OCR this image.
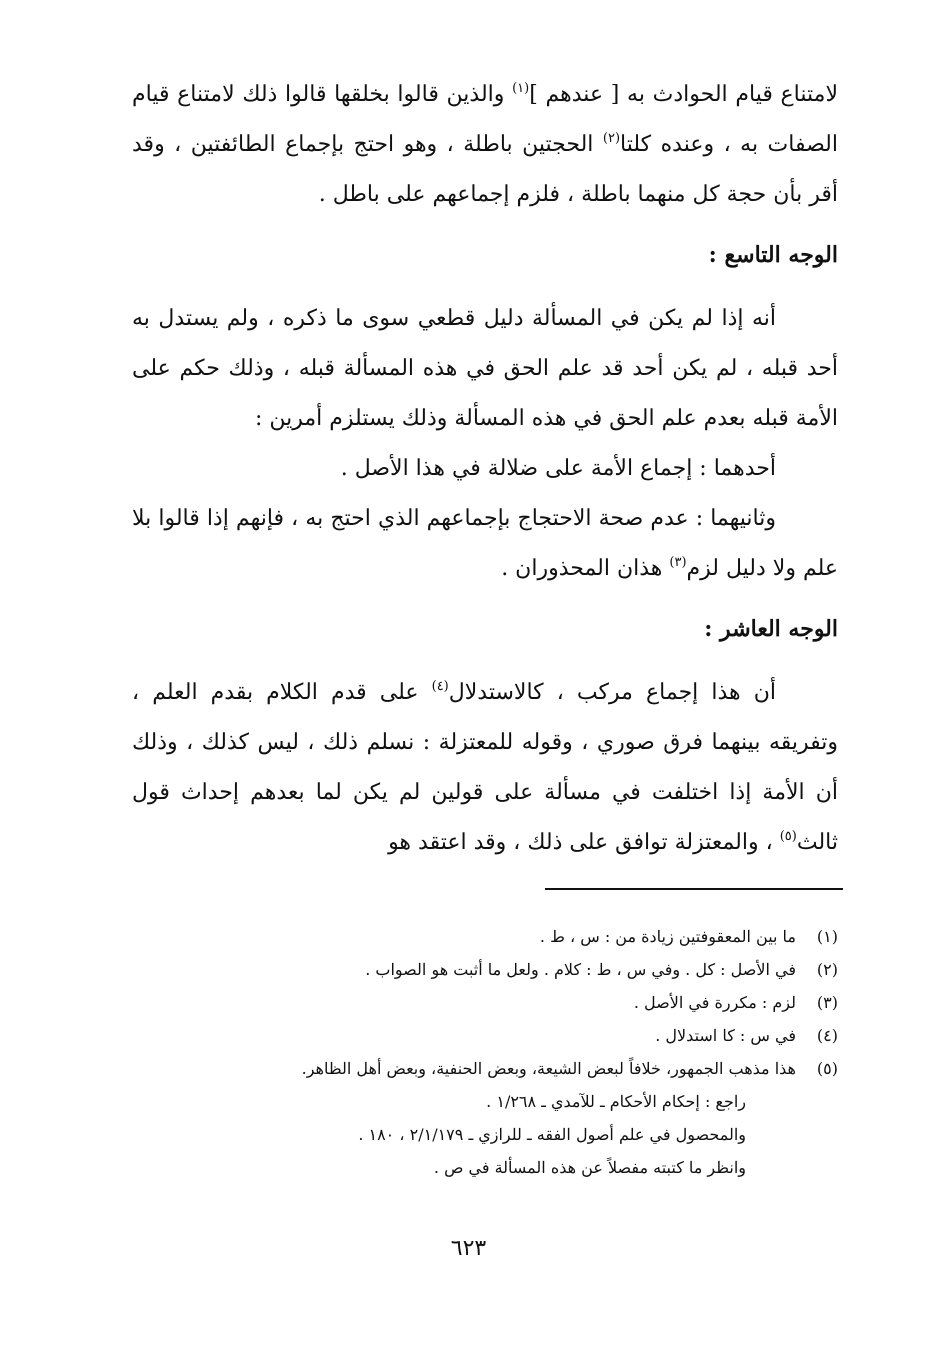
لامتناع قيام الحوادث به [ عندهم ]$^{(١)}$ والذين قالوا بخلقها قالوا ذلك لامتناع قيام الصفات به ، وعنده كلتا$^{(٢)}$ الحجتين باطلة ، وهو احتج بإجماع الطائفتين ، وقد أقر بأن حجة كل منهما باطلة ، فلزم إجماعهم على باطل .

الوجه التاسع :

أنه إذا لم يكن في المسألة دليل قطعي سوى ما ذكره ، ولم يستدل به أحد قبله ، لم يكن أحد قد علم الحق في هذه المسألة قبله ، وذلك حكم على الأمة قبله بعدم علم الحق في هذه المسألة وذلك يستلزم أمرين :

أحدهما : إجماع الأمة على ضلالة في هذا الأصل .

وثانيهما : عدم صحة الاحتجاج بإجماعهم الذي احتج به ، فإنهم إذا قالوا بلا علم ولا دليل لزم$^{(٣)}$ هذان المحذوران .

الوجه العاشر :

أن هذا إجماع مركب ، كالاستدلال$^{(٤)}$ على قدم الكلام بقدم العلم ، وتفريقه بينهما فرق صوري ، وقوله للمعتزلة : نسلم ذلك ، ليس كذلك ، وذلك أن الأمة إذا اختلفت في مسألة على قولين لم يكن لما بعدهم إحداث قول ثالث$^{(٥)}$ ، والمعتزلة توافق على ذلك ، وقد اعتقد هو

(١)
ما بين المعقوفتين زيادة من : س ، ط .
(٢)
في الأصل : كل . وفي س ، ط : كلام . ولعل ما أثبت هو الصواب .
(٣)
لزم : مكررة في الأصل .
(٤)
في س : كا استدلال .
(٥)

هذا مذهب الجمهور، خلافاً لبعض الشيعة، وبعض الحنفية، وبعض أهل الظاهر.

راجع : إحكام الأحكام ـ للآمدي ـ ١/٢٦٨ .

والمحصول في علم أصول الفقه ـ للرازي ـ ٢/١/١٧٩ ، ١٨٠ .

وانظر ما كتبته مفصلاً عن هذه المسألة في ص .

٦٢٣
